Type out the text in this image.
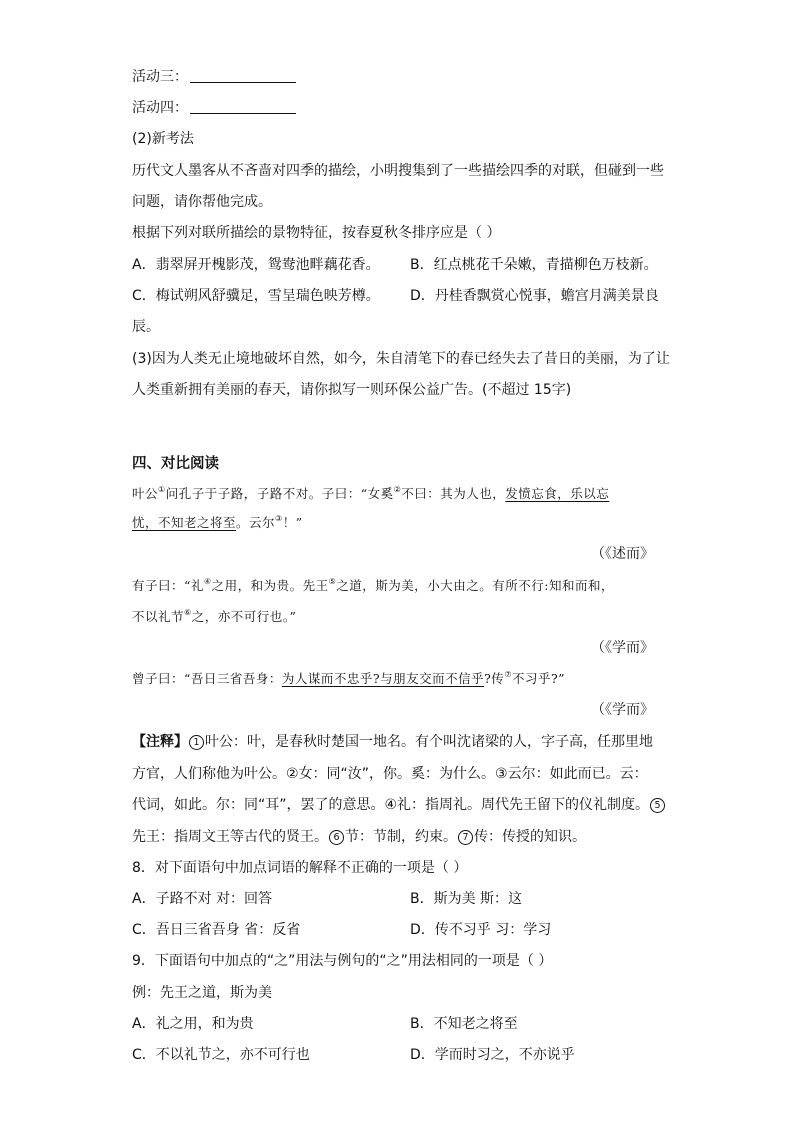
活动三：
活动四：
(2)新考法
历代文人墨客从不吝啬对四季的描绘，小明搜集到了一些描绘四季的对联，但碰到一些
问题，请你帮他完成。
根据下列对联所描绘的景物特征，按春夏秋冬排序应是（ ）
A．翡翠屏开槐影茂，鸳鸯池畔藕花香。 B．红点桃花千朵嫩，青描柳色万枝新。
C．梅试朔风舒骥足，雪呈瑞色映芳樽。 D．丹桂香飘赏心悦事，蟾宫月满美景良
辰。
(3)因为人类无止境地破坏自然，如今，朱自清笔下的春已经失去了昔日的美丽，为了让
人类重新拥有美丽的春天，请你拟写一则环保公益广告。(不超过 15字)
四、对比阅读
叶公①问孔子于子路，子路不对。子曰：“女奚②不曰：其为人也，发愤忘食，乐以忘
忧，不知老之将至。云尔③！”
（《述而》
有子曰：“礼④之用，和为贵。先王⑤之道，斯为美，小大由之。有所不行:知和而和，
不以礼节⑥之，亦不可行也。”
（《学而》
曾子曰：“吾日三省吾身：为人谋而不忠乎?与朋友交而不信乎?传⑦不习乎?”
（《学而》
【注释】 1 叶公：叶，是春秋时楚国一地名。有个叫沈诸梁的人，字子高，任那里地
方官，人们称他为叶公。②女：同“汝”，你。奚：为什么。③云尔：如此而已。云：
代词，如此。尔：同“耳”，罢了的意思。④礼：指周礼。周代先王留下的仪礼制度。 5
先王：指周文王等古代的贤王。 6 节：节制，约束。 7 传：传授的知识。
8．对下面语句中加点词语的解释不正确的一项是（ ）
A．子路不对 对：回答	B．斯为美 斯：这
C．吾日三省吾身 省：反省	D．传不习乎 习：学习
9．下面语句中加点的“之”用法与例句的“之”用法相同的一项是（ ）
例：先王之道，斯为美
A．礼之用，和为贵	B．不知老之将至
C．不以礼节之，亦不可行也	D．学而时习之，不亦说乎
